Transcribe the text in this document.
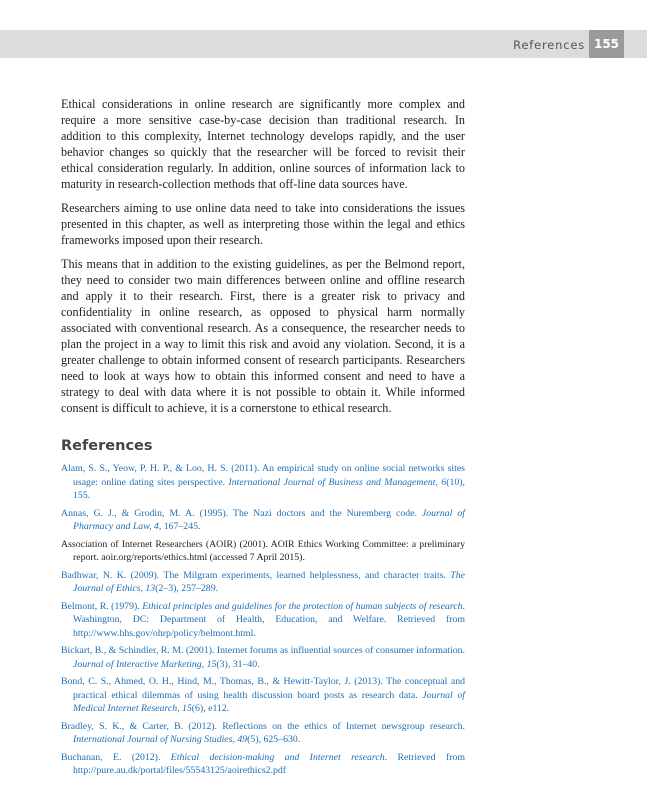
References 155

Ethical considerations in online research are significantly more complex and require a more sensitive case-by-case decision than traditional research. In addition to this complexity, Internet technology develops rapidly, and the user behavior changes so quickly that the researcher will be forced to revisit their ethical consideration regularly. In addition, online sources of information lack to maturity in research-collection methods that off-line data sources have.

Researchers aiming to use online data need to take into considerations the issues presented in this chapter, as well as interpreting those within the legal and ethics frameworks imposed upon their research.

This means that in addition to the existing guidelines, as per the Belmond report, they need to consider two main differences between online and offline research and apply it to their research. First, there is a greater risk to privacy and confidentiality in online research, as opposed to physical harm normally associated with conventional research. As a consequence, the researcher needs to plan the project in a way to limit this risk and avoid any violation. Second, it is a greater challenge to obtain informed consent of research participants. Researchers need to look at ways how to obtain this informed consent and need to have a strategy to deal with data where it is not possible to obtain it. While informed consent is difficult to achieve, it is a cornerstone to ethical research.

References

Alam, S. S., Yeow, P. H. P., & Loo, H. S. (2011). An empirical study on online social networks sites usage: online dating sites perspective. International Journal of Business and Management, 6(10), 155.

Annas, G. J., & Grodin, M. A. (1995). The Nazi doctors and the Nuremberg code. Journal of Pharmacy and Law, 4, 167–245.

Association of Internet Researchers (AOIR) (2001). AOIR Ethics Working Committee: a preliminary report. aoir.org/reports/ethics.html (accessed 7 April 2015).

Badhwar, N. K. (2009). The Milgram experiments, learned helplessness, and character traits. The Journal of Ethics, 13(2–3), 257–289.

Belmont, R. (1979). Ethical principles and guidelines for the protection of human subjects of research. Washington, DC: Department of Health, Education, and Welfare. Retrieved from http://www.hhs.gov/ohrp/policy/belmont.html.

Bickart, B., & Schindler, R. M. (2001). Internet forums as influential sources of consumer information. Journal of Interactive Marketing, 15(3), 31–40.

Bond, C. S., Ahmed, O. H., Hind, M., Thomas, B., & Hewitt-Taylor, J. (2013). The conceptual and practical ethical dilemmas of using health discussion board posts as research data. Journal of Medical Internet Research, 15(6), e112.

Bradley, S. K., & Carter, B. (2012). Reflections on the ethics of Internet newsgroup research. International Journal of Nursing Studies, 49(5), 625–630.

Buchanan, E. (2012). Ethical decision-making and Internet research. Retrieved from http://pure.au.dk/portal/files/55543125/aoirethics2.pdf
